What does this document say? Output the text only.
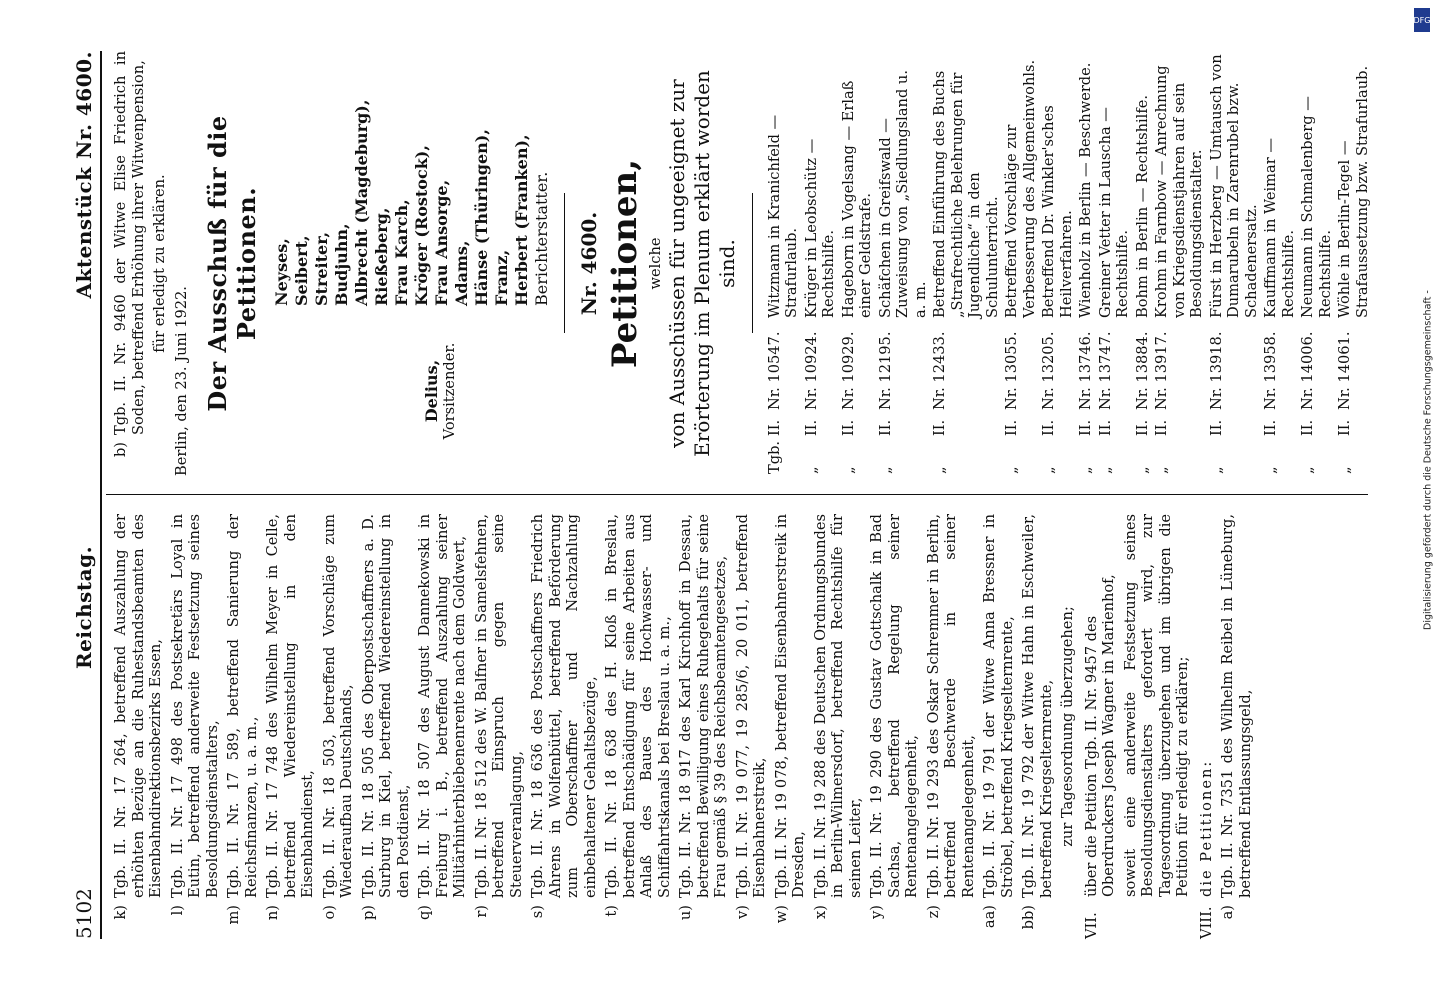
5102
Reichstag.
Aktenstück Nr. 4600.
k)
Tgb. II. Nr. 17 264, betreffend Auszahlung der erhöhten Bezüge an die Ruhestandsbeamten des Eisenbahndirektionsbezirks Essen,
l)
Tgb. II. Nr. 17 498 des Postsekretärs Loyal in Eutin, betreffend anderweite Festsetzung seines Besoldungsdienstalters,
m)
Tgb. II. Nr. 17 589, betreffend Sanierung der Reichsfinanzen, u. a. m.,
n)
Tgb. II. Nr. 17 748 des Wilhelm Meyer in Celle, betreffend Wiedereinstellung in den Eisenbahndienst,
o)
Tgb. II. Nr. 18 503, betreffend Vorschläge zum Wiederaufbau Deutschlands,
p)
Tgb. II. Nr. 18 505 des Oberpostschaffners a. D. Surburg in Kiel, betreffend Wiedereinstellung in den Postdienst,
q)
Tgb. II. Nr. 18 507 des August Dannekowski in Freiburg i. B., betreffend Auszahlung seiner Militärhinterbliebenenrente nach dem Goldwert,
r)
Tgb. II. Nr. 18 512 des W. Balfner in Samelsfehnen, betreffend Einspruch gegen seine Steuerveranlagung,
s)
Tgb. II. Nr. 18 636 des Postschaffners Friedrich Ahrens in Wolfenbüttel, betreffend Beförderung zum Oberschaffner und Nachzahlung einbehaltener Gehaltsbezüge,
t)
Tgb. II. Nr. 18 638 des H. Kloß in Breslau, betreffend Entschädigung für seine Arbeiten aus Anlaß des Baues des Hochwasser- und Schiffahrtskanals bei Breslau u. a. m.,
u)
Tgb. II. Nr. 18 917 des Karl Kirchhoff in Dessau, betreffend Bewilligung eines Ruhegehalts für seine Frau gemäß § 39 des Reichsbeamtengesetzes,
v)
Tgb. II. Nr. 19 077, 19 285/6, 20 011, betreffend Eisenbahnerstreik,
w)
Tgb. II. Nr. 19 078, betreffend Eisenbahnerstreik in Dresden,
x)
Tgb. II. Nr. 19 288 des Deutschen Ordnungsbundes in Berlin-Wilmersdorf, betreffend Rechtshilfe für seinen Leiter,
y)
Tgb. II. Nr. 19 290 des Gustav Gottschalk in Bad Sachsa, betreffend Regelung seiner Rentenangelegenheit,
z)
Tgb. II. Nr. 19 293 des Oskar Schremmer in Berlin, betreffend Beschwerde in seiner Rentenangelegenheit,
aa)
Tgb. II. Nr. 19 791 der Witwe Anna Bressner in Ströbel, betreffend Kriegselternrente,
bb)
Tgb. II. Nr. 19 792 der Witwe Hahn in Eschweiler, betreffend Kriegselternrente, zur Tagesordnung überzugehen;
VII.
über die Petition Tgb. II. Nr. 9457 des Oberdruckers Joseph Wagner in Marienhof, soweit eine anderweite Festsetzung seines Besoldungsdienstalters gefordert wird, zur Tagesordnung überzugehen und im übrigen die Petition für erledigt zu erklären;
VIII.
die Petitionen:
a)
Tgb. II. Nr. 7351 des Wilhelm Reibel in Lüneburg, betreffend Entlassungsgeld,
b)
Tgb. II. Nr. 9460 der Witwe Elise Friedrich in Soden, betreffend Erhöhung ihrer Witwenpension, für erledigt zu erklären.
Berlin, den 23. Juni 1922. Der Ausschuß für die Petitionen.
Delius, Vorsitzender.
Neyses, Seibert, Streiter, Budjuhn, Albrecht (Magdeburg), Rießeberg, Frau Karch, Kröger (Rostock), Frau Ansorge, Adams, Hänse (Thüringen), Franz, Herbert (Franken), Berichterstatter. Nr. 4600. Petitionen, welche von Ausschüssen für ungeeignet zur Erörterung im Plenum erklärt worden sind.
Tgb.	II.	Nr. 10547.	Witzmann in Kranichfeld — Strafurlaub.
„	II.	Nr. 10924.	Krüger in Leobschütz — Rechtshilfe.
„	II.	Nr. 10929.	Hageborn in Vogelsang — Erlaß einer Geldstrafe.
„	II.	Nr. 12195.	Schäfchen in Greifswald — Zuweisung von „Siedlungsland u. a. m.
„	II.	Nr. 12433.	Betreffend Einführung des Buchs „Strafrechtliche Belehrungen für Jugendliche“ in den Schulunterricht.
„	II.	Nr. 13055.	Betreffend Vorschläge zur Verbesserung des Allgemeinwohls.
„	II.	Nr. 13205.	Betreffend Dr. Winkler'sches Heilverfahren.
„	II.	Nr. 13746.	Wienholz in Berlin — Beschwerde.
„	II.	Nr. 13747.	Greiner Vetter in Lauscha — Rechtshilfe.
„	II.	Nr. 13884.	Bohm in Berlin — Rechtshilfe.
„	II.	Nr. 13917.	Krohm in Farnbow — Anrechnung von Kriegsdienstjahren auf sein Besoldungsdienstalter.
„	II.	Nr. 13918.	Fürst in Herzberg — Umtausch von Dumarubeln in Zarenrubel bzw. Schadenersatz.
„	II.	Nr. 13958.	Kauffmann in Weimar — Rechtshilfe.
„	II.	Nr. 14006.	Neumann in Schmalenberg — Rechtshilfe.
„	II.	Nr. 14061.	Wöhle in Berlin-Tegel — Strafaussetzung bzw. Strafurlaub.
DFG
Digitalisierung gefördert durch die Deutsche Forschungsgemeinschaft -
